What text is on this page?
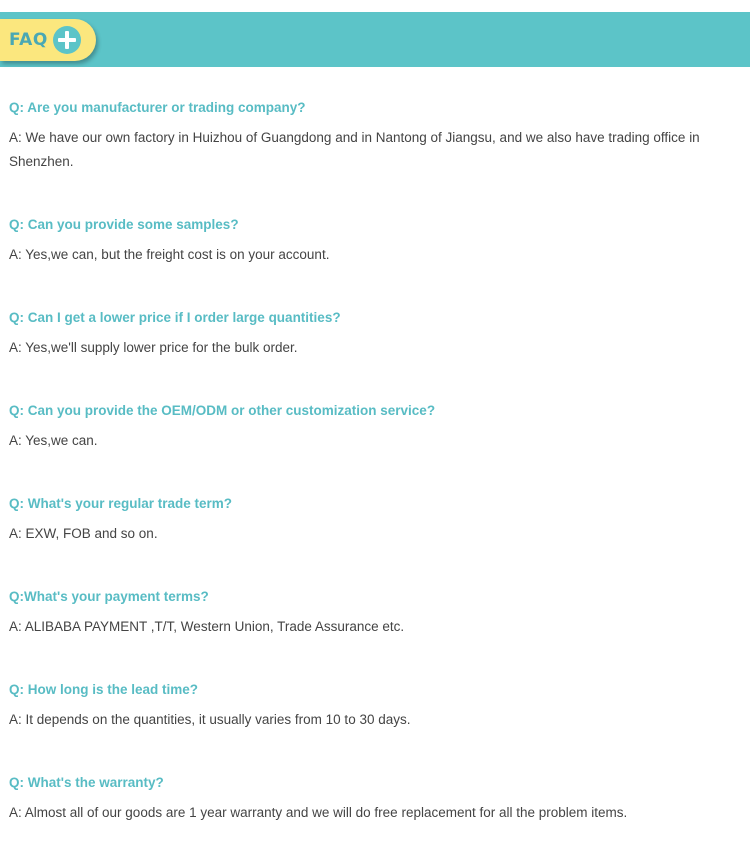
FAQ

Q: Are you manufacturer or trading company?

A: We have our own factory in Huizhou of Guangdong and in Nantong of Jiangsu, and we also have trading office in Shenzhen.

Q: Can you provide some samples?

A: Yes,we can, but the freight cost is on your account.

Q: Can I get a lower price if I order large quantities?

A: Yes,we'll supply lower price for the bulk order.

Q: Can you provide the OEM/ODM or other customization service?

A: Yes,we can.

Q: What's your regular trade term?

A: EXW, FOB and so on.

Q:What's your payment terms?

A: ALIBABA PAYMENT ,T/T, Western Union, Trade Assurance etc.

Q: How long is the lead time?

A: It depends on the quantities, it usually varies from 10 to 30 days.

Q: What's the warranty?

A: Almost all of our goods are 1 year warranty and we will do free replacement for all the problem items.
